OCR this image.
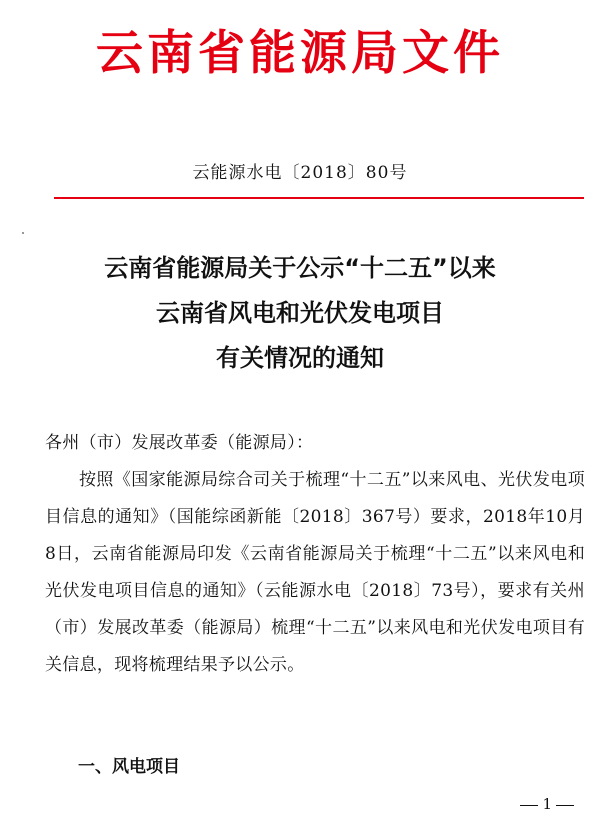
云南省能源局文件
云能源水电〔2018〕80号
云南省能源局关于公示“十二五”以来
云南省风电和光伏发电项目
有关情况的通知
各州（市）发展改革委（能源局）：
按照《国家能源局综合司关于梳理“十二五”以来风电、光伏发电项目信息的通知》（国能综函新能〔2018〕367号）要求，2018年10月8日，云南省能源局印发《云南省能源局关于梳理“十二五”以来风电和光伏发电项目信息的通知》（云能源水电〔2018〕73号），要求有关州（市）发展改革委（能源局）梳理“十二五”以来风电和光伏发电项目有关信息，现将梳理结果予以公示。
一、风电项目
1
